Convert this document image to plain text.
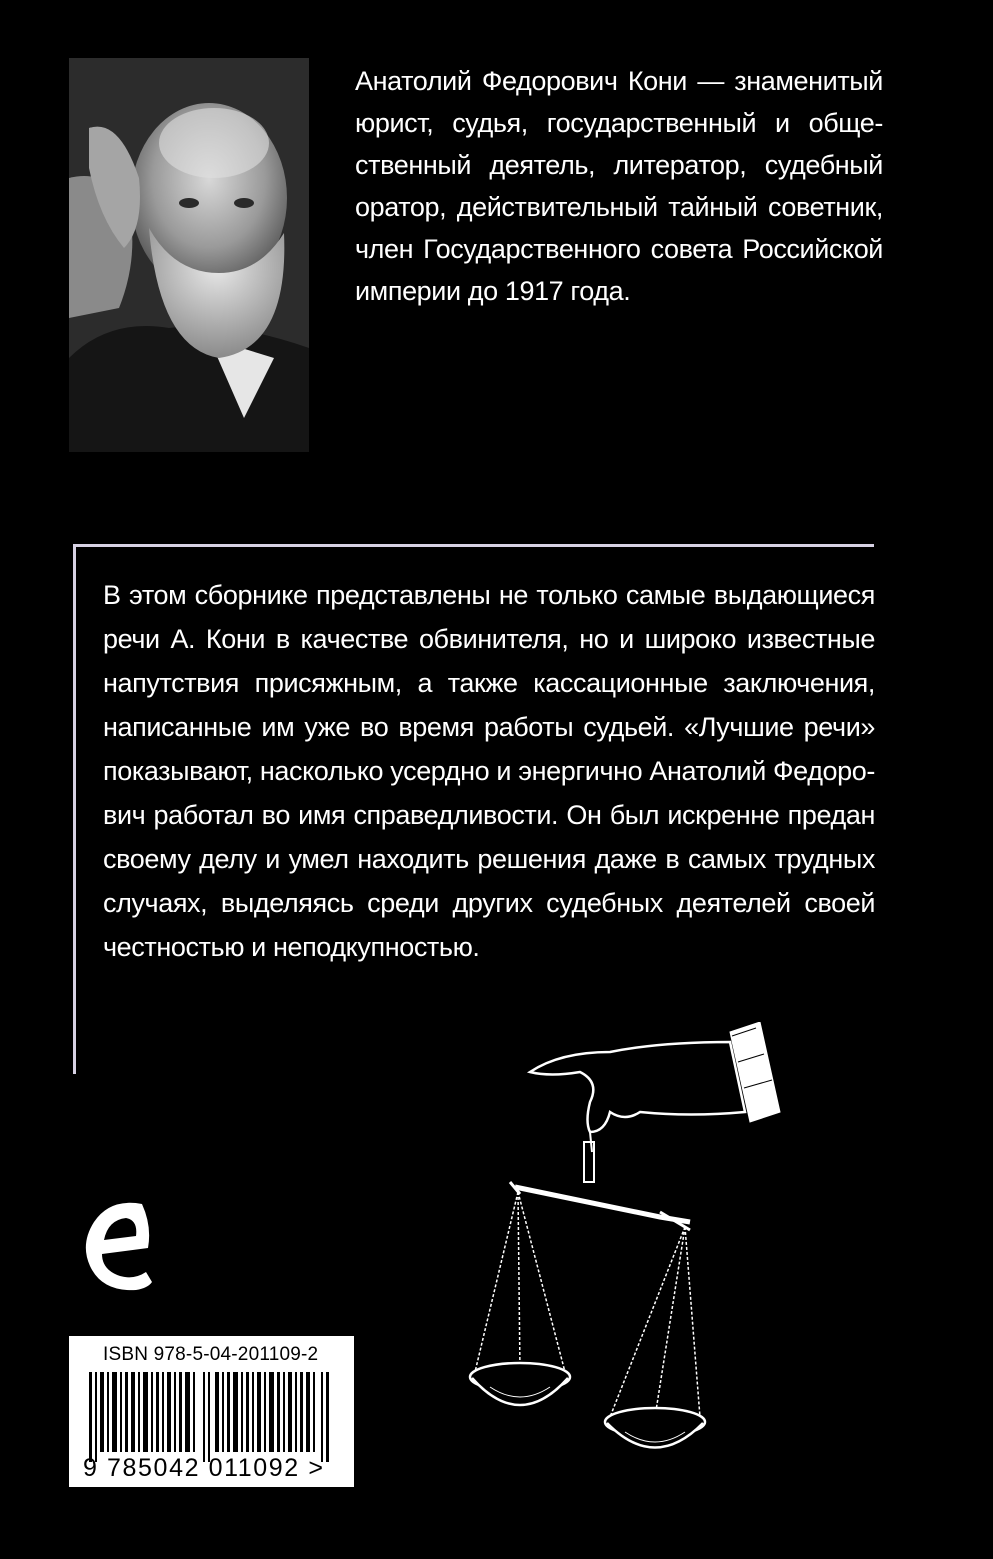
Анатолий Федорович Кони — знаменитый
юрист, судья, государственный и обще-
ственный деятель, литератор, судебный
оратор, действительный тайный советник,
член Государственного совета Российской
империи до 1917 года.
В этом сборнике представлены не только самые выдающиеся
речи А. Кони в качестве обвинителя, но и широко известные
напутствия присяжным, а также кассационные заключения,
написанные им уже во время работы судьей. «Лучшие речи»
показывают, насколько усердно и энергично Анатолий Федоро-
вич работал во имя справедливости. Он был искренне предан
своему делу и умел находить решения даже в самых трудных
случаях, выделяясь среди других судебных деятелей своей
честностью и неподкупностью.
ISBN 978-5-04-201109-2
9 785042 011092 >
